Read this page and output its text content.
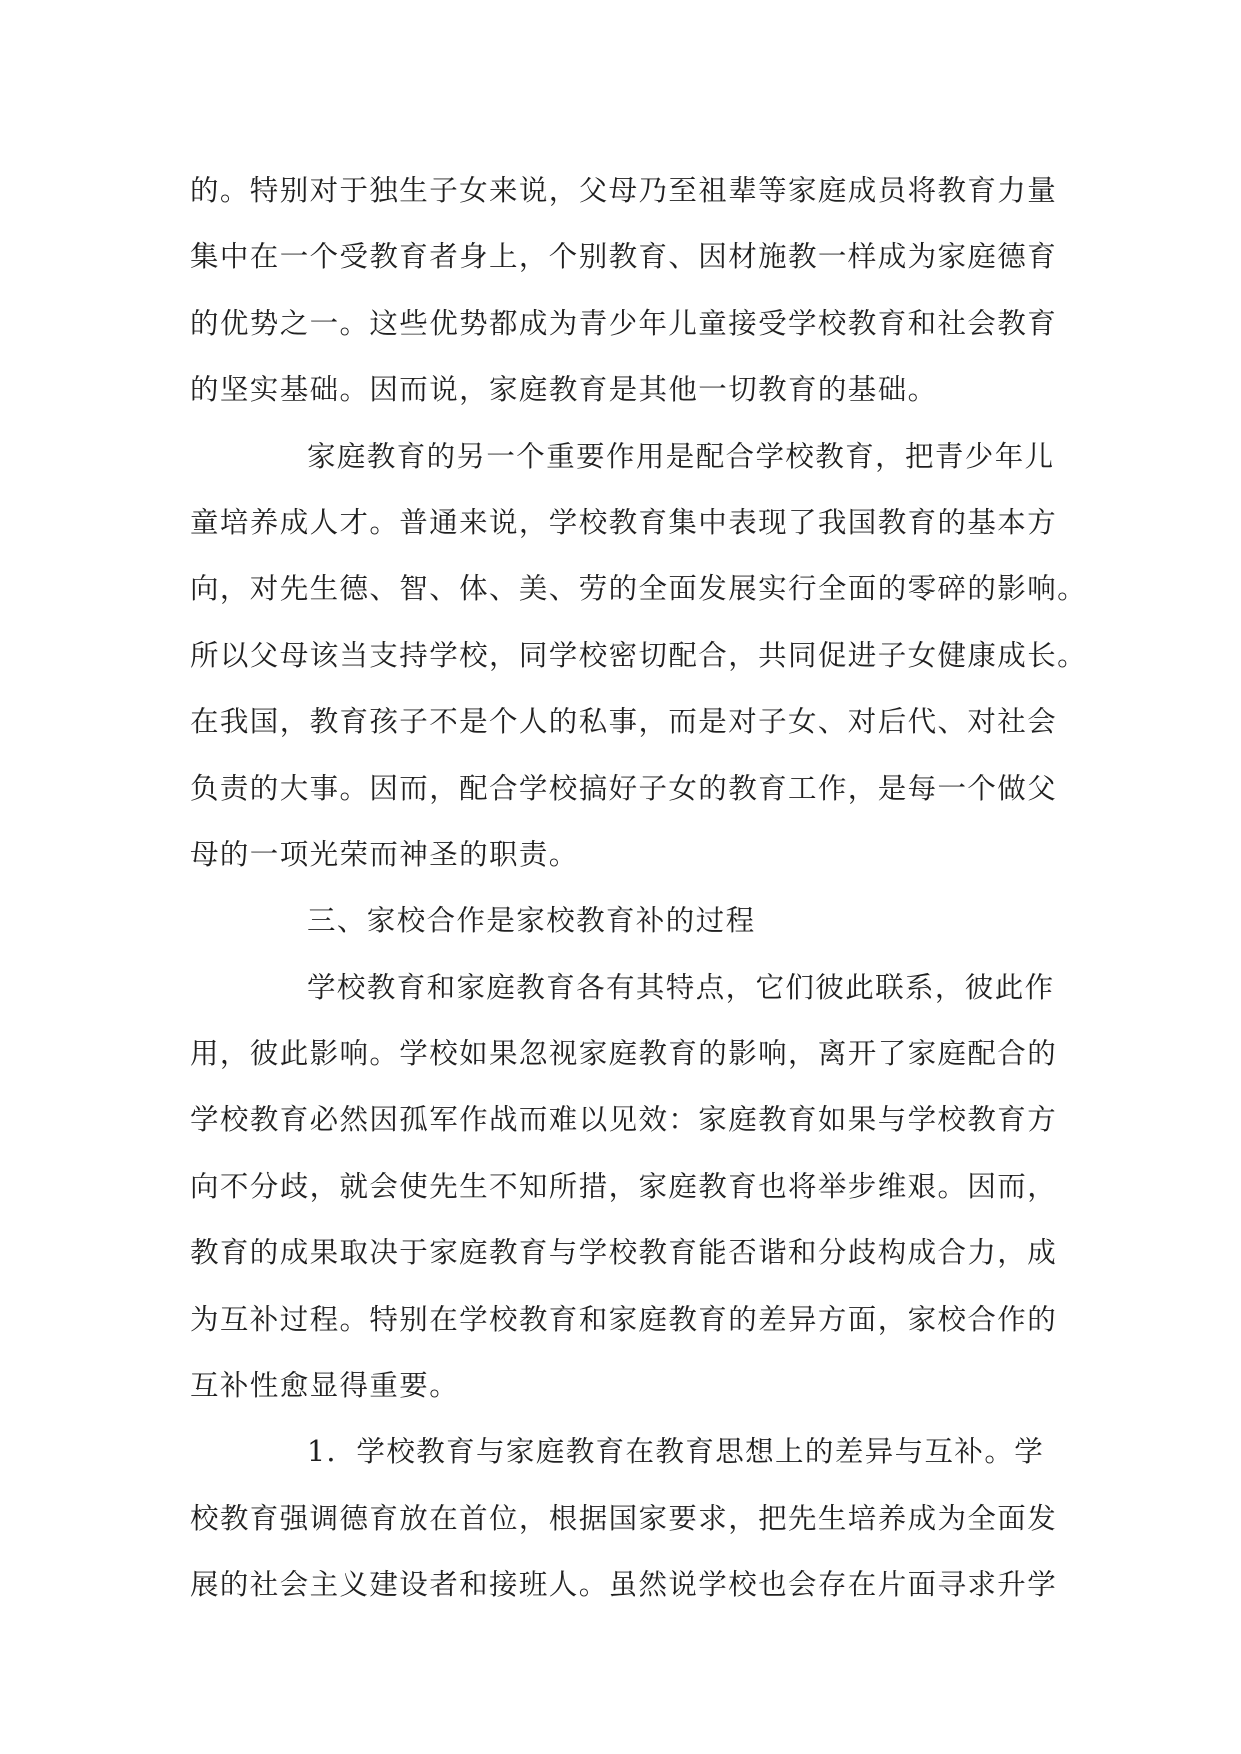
的。特别对于独生子女来说，父母乃至祖辈等家庭成员将教育力量
集中在一个受教育者身上，个别教育、因材施教一样成为家庭德育
的优势之一。这些优势都成为青少年儿童接受学校教育和社会教育
的坚实基础。因而说，家庭教育是其他一切教育的基础。
家庭教育的另一个重要作用是配合学校教育，把青少年儿
童培养成人才。普通来说，学校教育集中表现了我国教育的基本方
向，对先生德、智、体、美、劳的全面发展实行全面的零碎的影响。
所以父母该当支持学校，同学校密切配合，共同促进子女健康成长。
在我国，教育孩子不是个人的私事，而是对子女、对后代、对社会
负责的大事。因而，配合学校搞好子女的教育工作，是每一个做父
母的一项光荣而神圣的职责。
三、家校合作是家校教育补的过程
学校教育和家庭教育各有其特点，它们彼此联系，彼此作
用，彼此影响。学校如果忽视家庭教育的影响，离开了家庭配合的
学校教育必然因孤军作战而难以见效：家庭教育如果与学校教育方
向不分歧，就会使先生不知所措，家庭教育也将举步维艰。因而，
教育的成果取决于家庭教育与学校教育能否谐和分歧构成合力，成
为互补过程。特别在学校教育和家庭教育的差异方面，家校合作的
互补性愈显得重要。
1．学校教育与家庭教育在教育思想上的差异与互补。学
校教育强调德育放在首位，根据国家要求，把先生培养成为全面发
展的社会主义建设者和接班人。虽然说学校也会存在片面寻求升学
